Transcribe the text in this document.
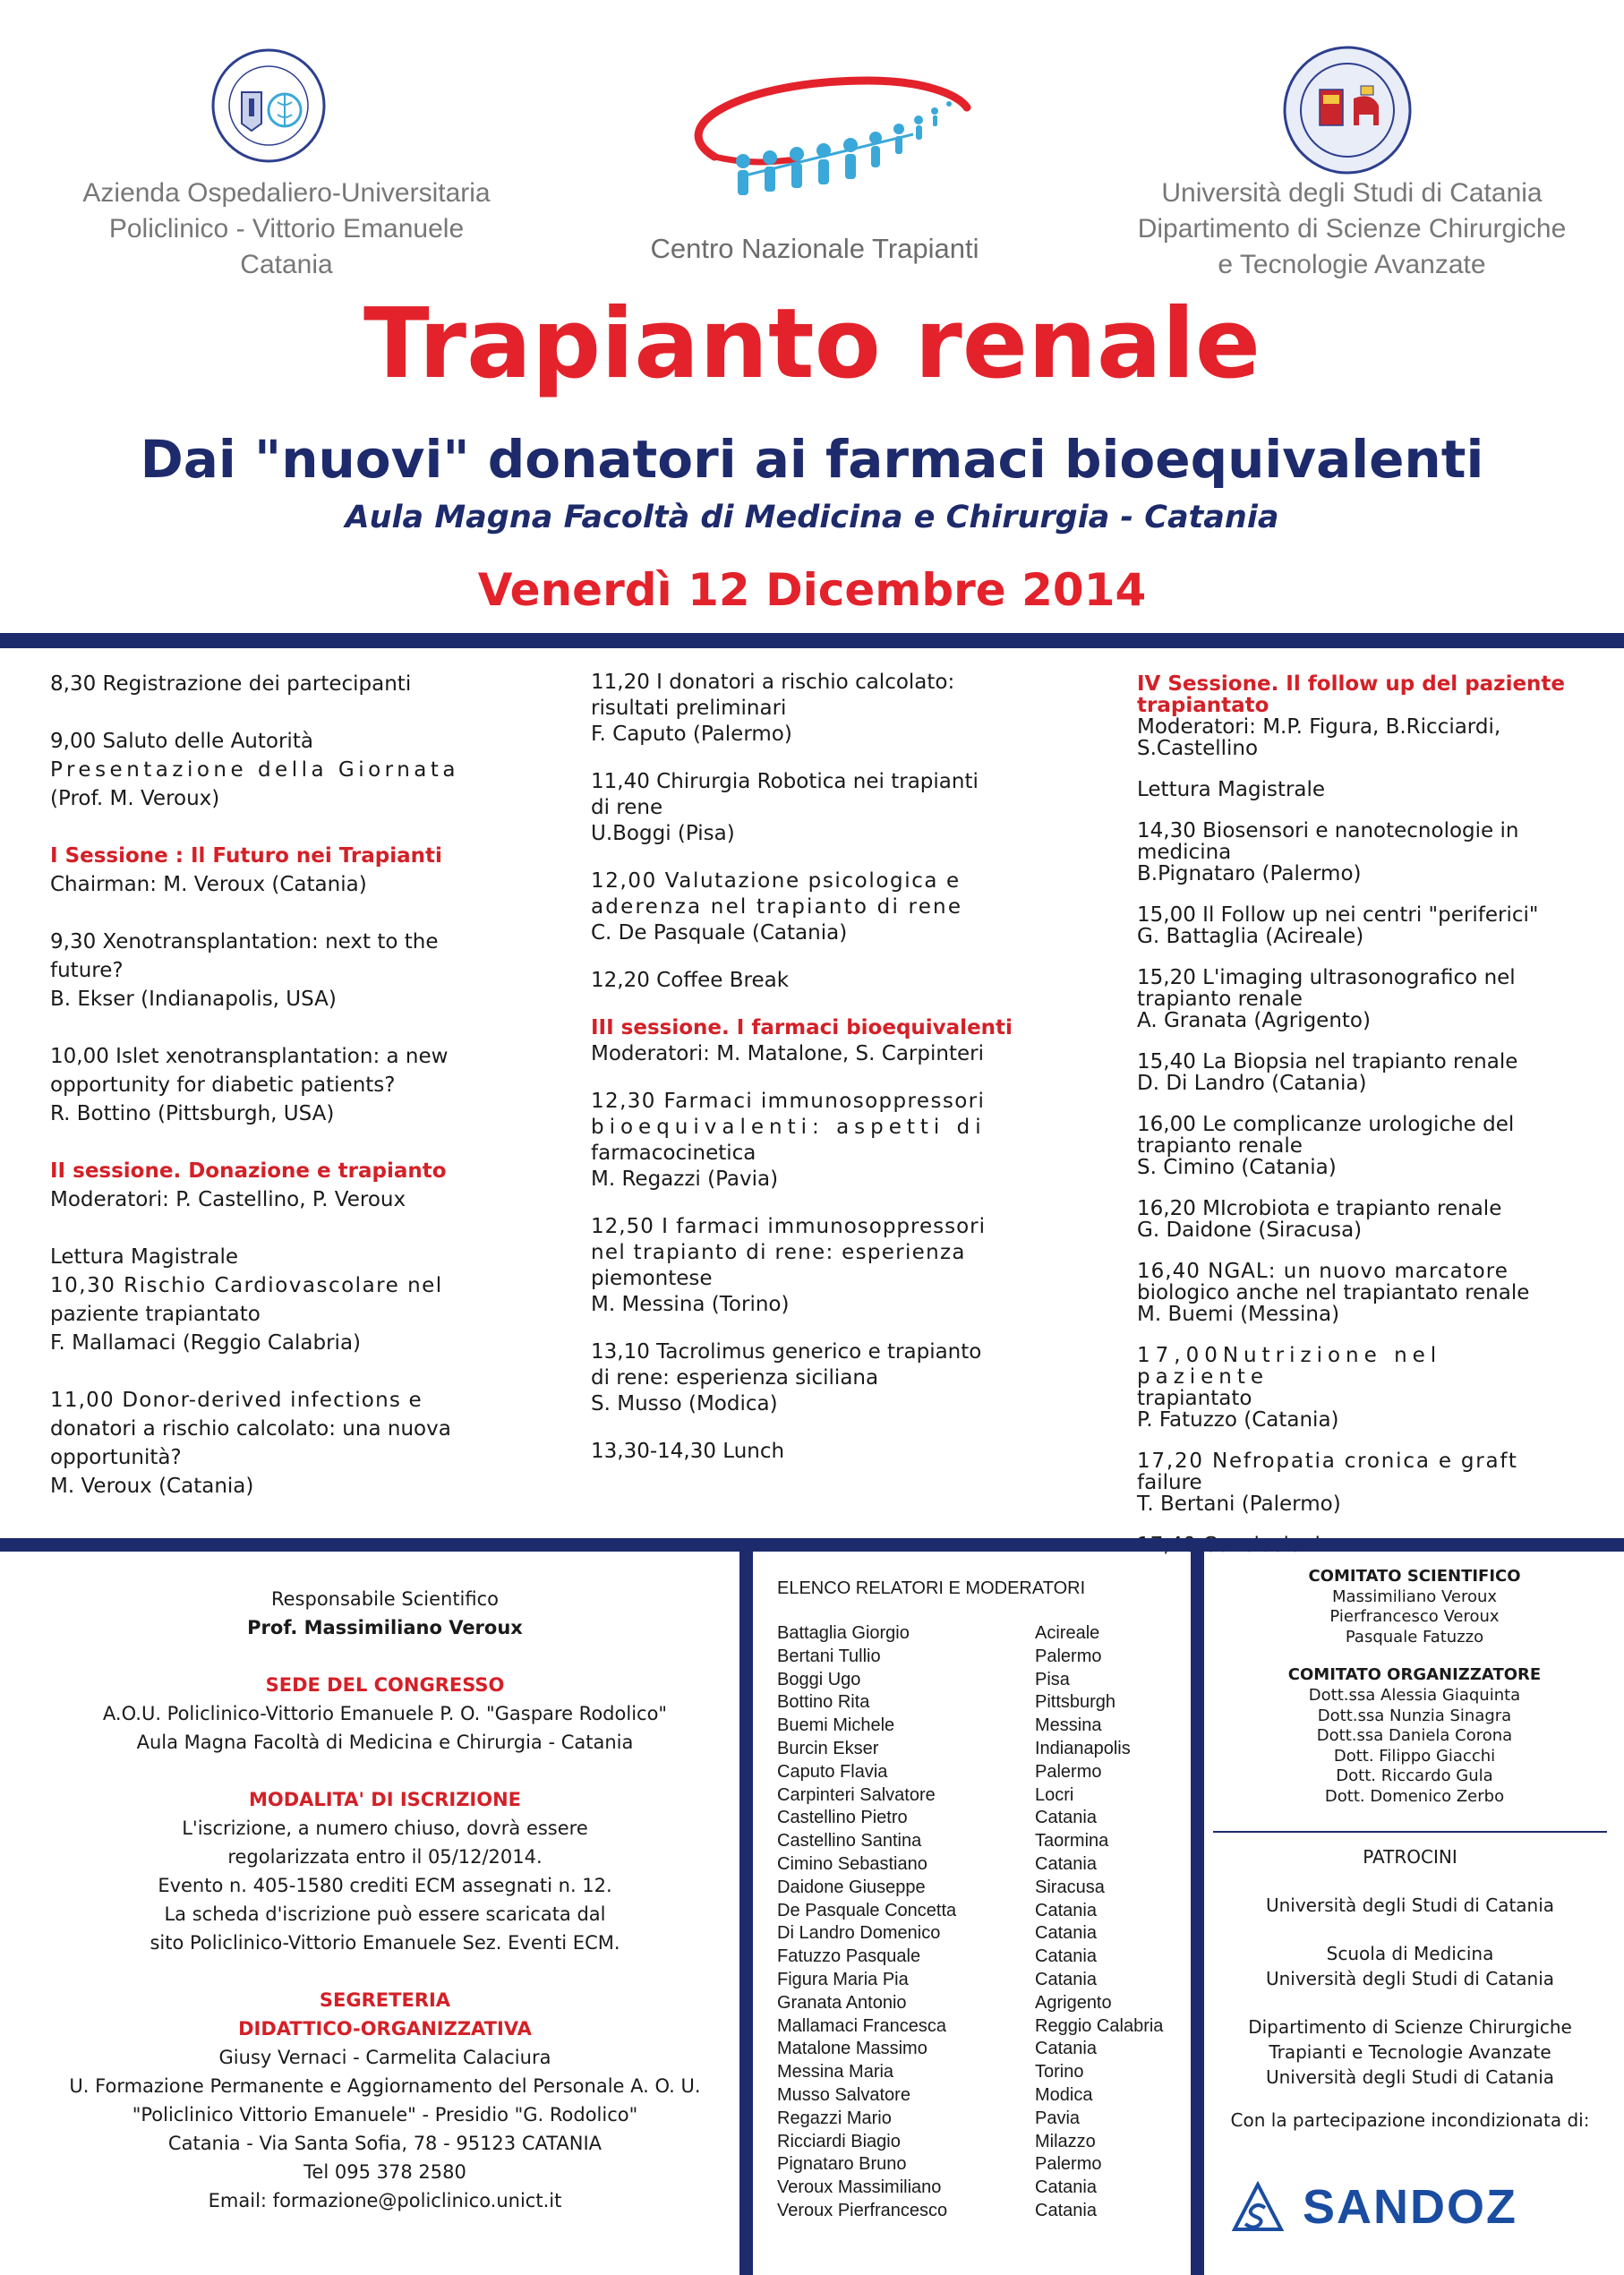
Azienda Ospedaliero-Universitaria
Policlinico - Vittorio Emanuele
Catania
Centro Nazionale Trapianti
Università degli Studi di Catania
Dipartimento di Scienze Chirurgiche
e Tecnologie Avanzate
Trapianto renale
Dai "nuovi" donatori ai farmaci bioequivalenti
Aula Magna Facoltà di Medicina e Chirurgia - Catania
Venerdì 12 Dicembre 2014
8,30 Registrazione dei partecipanti
9,00 Saluto delle Autorità
Presentazione della Giornata
(Prof. M. Veroux)
I Sessione : Il Futuro nei Trapianti
Chairman: M. Veroux (Catania)
9,30 Xenotransplantation: next to the
future?
B. Ekser (Indianapolis, USA)
10,00 Islet xenotransplantation: a new
opportunity for diabetic patients?
R. Bottino (Pittsburgh, USA)
II sessione. Donazione e trapianto
Moderatori: P. Castellino, P. Veroux
Lettura Magistrale
10,30 Rischio Cardiovascolare nel
paziente trapiantato
F. Mallamaci (Reggio Calabria)
11,00 Donor-derived infections e
donatori a rischio calcolato: una nuova
opportunità?
M. Veroux (Catania)
11,20 I donatori a rischio calcolato:
risultati preliminari
F. Caputo (Palermo)
11,40 Chirurgia Robotica nei trapianti
di rene
U.Boggi (Pisa)
12,00 Valutazione psicologica e
aderenza nel trapianto di rene
C. De Pasquale (Catania)
12,20 Coffee Break
III sessione. I farmaci bioequivalenti
Moderatori: M. Matalone, S. Carpinteri
12,30 Farmaci immunosoppressori
bioequivalenti: aspetti di
farmacocinetica
M. Regazzi (Pavia)
12,50 I farmaci immunosoppressori
nel trapianto di rene: esperienza
piemontese
M. Messina (Torino)
13,10 Tacrolimus generico e trapianto
di rene: esperienza siciliana
S. Musso (Modica)
13,30-14,30 Lunch
IV Sessione. Il follow up del paziente trapiantato
Moderatori: M.P. Figura, B.Ricciardi,
S.Castellino
Lettura Magistrale
14,30 Biosensori e nanotecnologie in
medicina
B.Pignataro (Palermo)
15,00 Il Follow up nei centri "periferici"
G. Battaglia (Acireale)
15,20 L'imaging ultrasonografico nel
trapianto renale
A. Granata (Agrigento)
15,40 La Biopsia nel trapianto renale
D. Di Landro (Catania)
16,00 Le complicanze urologiche del
trapianto renale
S. Cimino (Catania)
16,20 MIcrobiota e trapianto renale
G. Daidone (Siracusa)
16,40 NGAL: un nuovo marcatore
biologico anche nel trapiantato renale
M. Buemi (Messina)
17,00Nutrizione nel paziente
trapiantato
P. Fatuzzo (Catania)
17,20 Nefropatia cronica e graft
failure
T. Bertani (Palermo)
Responsabile Scientifico
Prof. Massimiliano Veroux
SEDE DEL CONGRESSO
A.O.U. Policlinico-Vittorio Emanuele P. O. "Gaspare Rodolico"
Aula Magna Facoltà di Medicina e Chirurgia - Catania
MODALITA' DI ISCRIZIONE
L'iscrizione, a numero chiuso, dovrà essere
regolarizzata entro il 05/12/2014.
Evento n. 405-1580 crediti ECM assegnati n. 12.
La scheda d'iscrizione può essere scaricata dal
sito Policlinico-Vittorio Emanuele Sez. Eventi ECM.
SEGRETERIA
DIDATTICO-ORGANIZZATIVA
Giusy Vernaci - Carmelita Calaciura
U. Formazione Permanente e Aggiornamento del Personale A. O. U.
"Policlinico Vittorio Emanuele" - Presidio "G. Rodolico"
Catania - Via Santa Sofia, 78 - 95123 CATANIA
Tel 095 378 2580
Email: formazione@policlinico.unict.it
ELENCO RELATORI E MODERATORI
Battaglia Giorgio
Bertani Tullio
Boggi Ugo
Bottino Rita
Buemi Michele
Burcin Ekser
Caputo Flavia
Carpinteri Salvatore
Castellino Pietro
Castellino Santina
Cimino Sebastiano
Daidone Giuseppe
De Pasquale Concetta
Di Landro Domenico
Fatuzzo Pasquale
Figura Maria Pia
Granata Antonio
Mallamaci Francesca
Matalone Massimo
Messina Maria
Musso Salvatore
Regazzi Mario
Ricciardi Biagio
Pignataro Bruno
Veroux Massimiliano
Veroux Pierfrancesco
Acireale
Palermo
Pisa
Pittsburgh
Messina
Indianapolis
Palermo
Locri
Catania
Taormina
Catania
Siracusa
Catania
Catania
Catania
Catania
Agrigento
Reggio Calabria
Catania
Torino
Modica
Pavia
Milazzo
Palermo
Catania
Catania
COMITATO SCIENTIFICO
Massimiliano Veroux
Pierfrancesco Veroux
Pasquale Fatuzzo
COMITATO ORGANIZZATORE
Dott.ssa Alessia Giaquinta
Dott.ssa Nunzia Sinagra
Dott.ssa Daniela Corona
Dott. Filippo Giacchi
Dott. Riccardo Gula
Dott. Domenico Zerbo
PATROCINI
Università degli Studi di Catania
Scuola di Medicina
Università degli Studi di Catania
Dipartimento di Scienze Chirurgiche
Trapianti e Tecnologie Avanzate
Università degli Studi di Catania
Con la partecipazione incondizionata di:
SANDOZ
